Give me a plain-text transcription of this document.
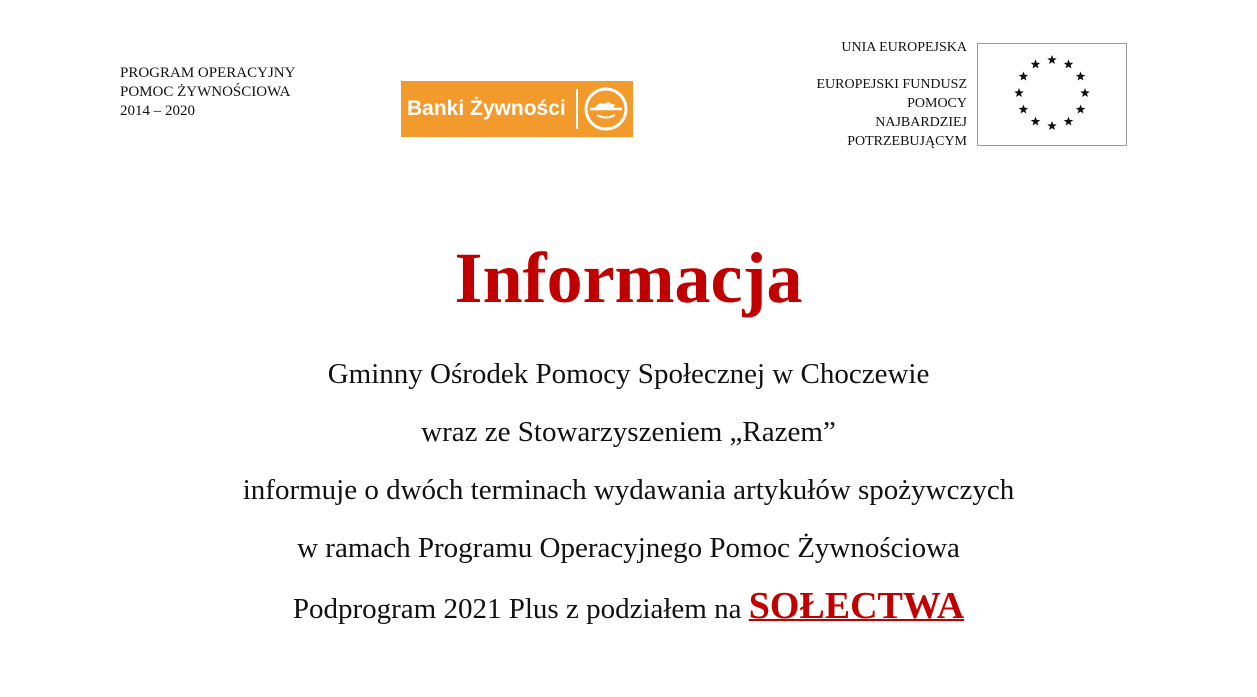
PROGRAM OPERACYJNY
POMOC ŻYWNOŚCIOWA
2014 – 2020	Banki Żywności
UNIA EUROPEJSKA
EUROPEJSKI FUNDUSZ
POMOCY
NAJBARDZIEJ
POTRZEBUJĄCYM
Informacja
Gminny Ośrodek Pomocy Społecznej w Choczewie
wraz ze Stowarzyszeniem „Razem”
informuje o dwóch terminach wydawania artykułów spożywczych
w ramach Programu Operacyjnego Pomoc Żywnościowa
Podprogram 2021 Plus z podziałem na SOŁECTWA
